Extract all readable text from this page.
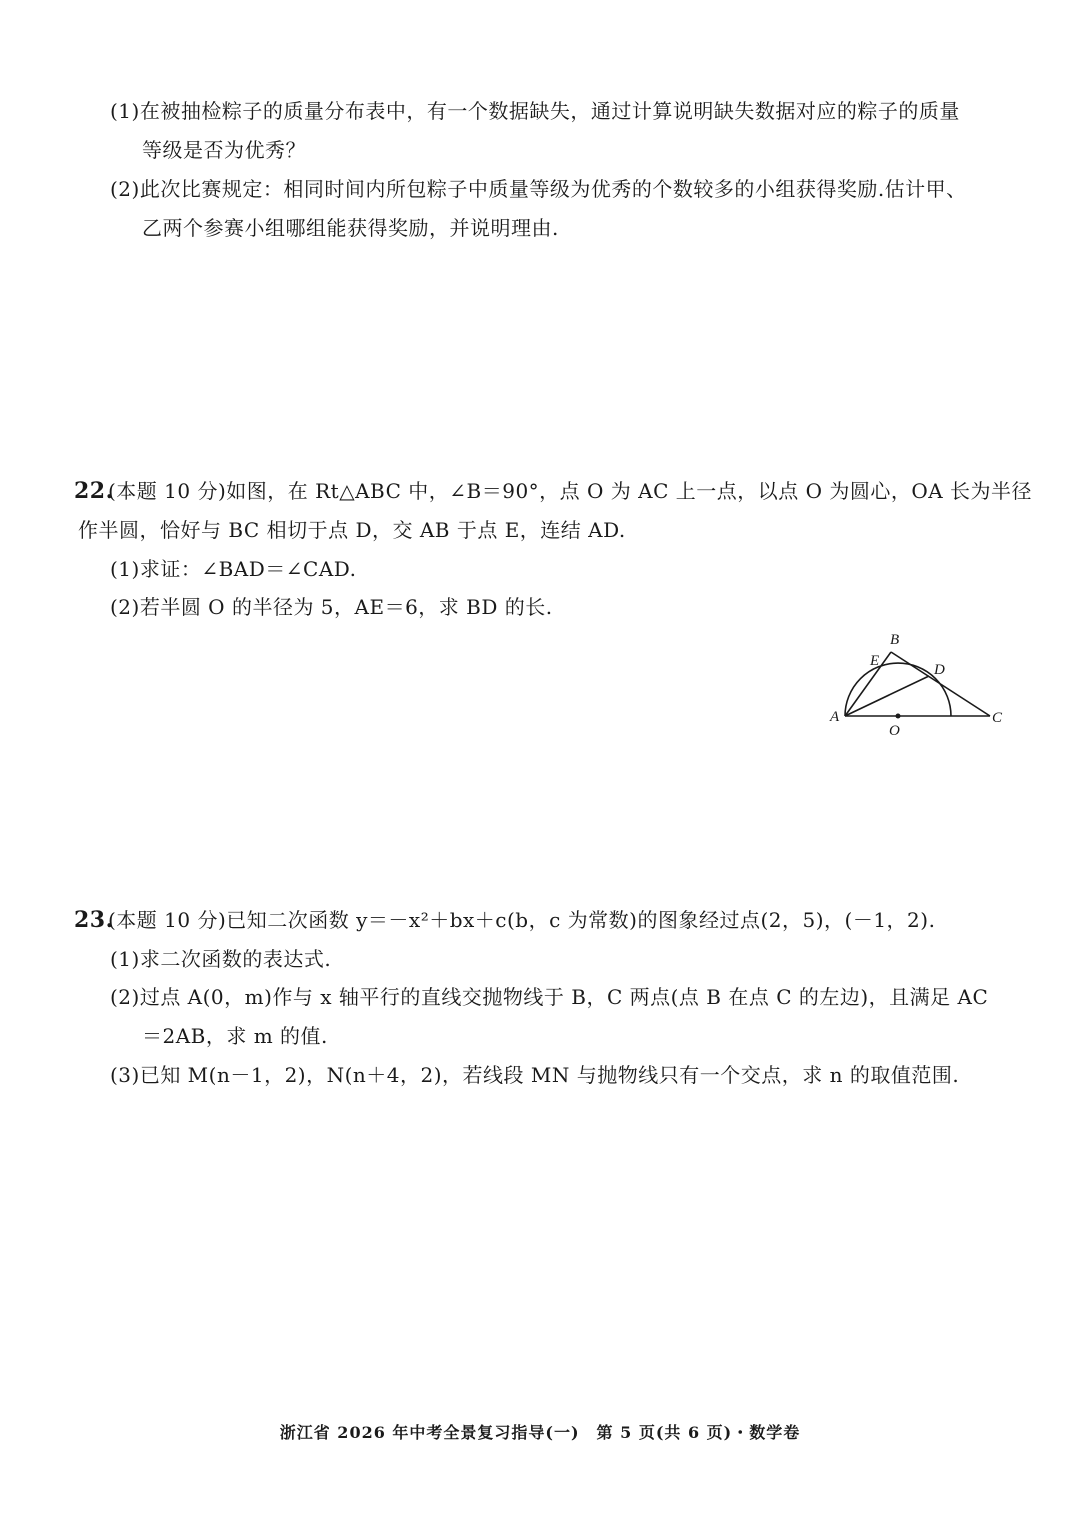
(1)在被抽检粽子的质量分布表中，有一个数据缺失，通过计算说明缺失数据对应的粽子的质量
等级是否为优秀？
(2)此次比赛规定：相同时间内所包粽子中质量等级为优秀的个数较多的小组获得奖励.估计甲、
乙两个参赛小组哪组能获得奖励，并说明理由.
22.
(本题 10 分)如图，在 Rt△ABC 中，∠B＝90°，点 O 为 AC 上一点，以点 O 为圆心，OA 长为半径
作半圆，恰好与 BC 相切于点 D，交 AB 于点 E，连结 AD.
(1)求证：∠BAD＝∠CAD.
(2)若半圆 O 的半径为 5，AE＝6，求 BD 的长.
B
E
D
A
O
C
23.
(本题 10 分)已知二次函数 y＝－x²＋bx＋c(b，c 为常数)的图象经过点(2，5)，(－1，2).
(1)求二次函数的表达式.
(2)过点 A(0，m)作与 x 轴平行的直线交抛物线于 B，C 两点(点 B 在点 C 的左边)，且满足 AC
＝2AB，求 m 的值.
(3)已知 M(n－1，2)，N(n＋4，2)，若线段 MN 与抛物线只有一个交点，求 n 的取值范围.
浙江省 2026 年中考全景复习指导(一)　第 5 页(共 6 页)・数学卷
